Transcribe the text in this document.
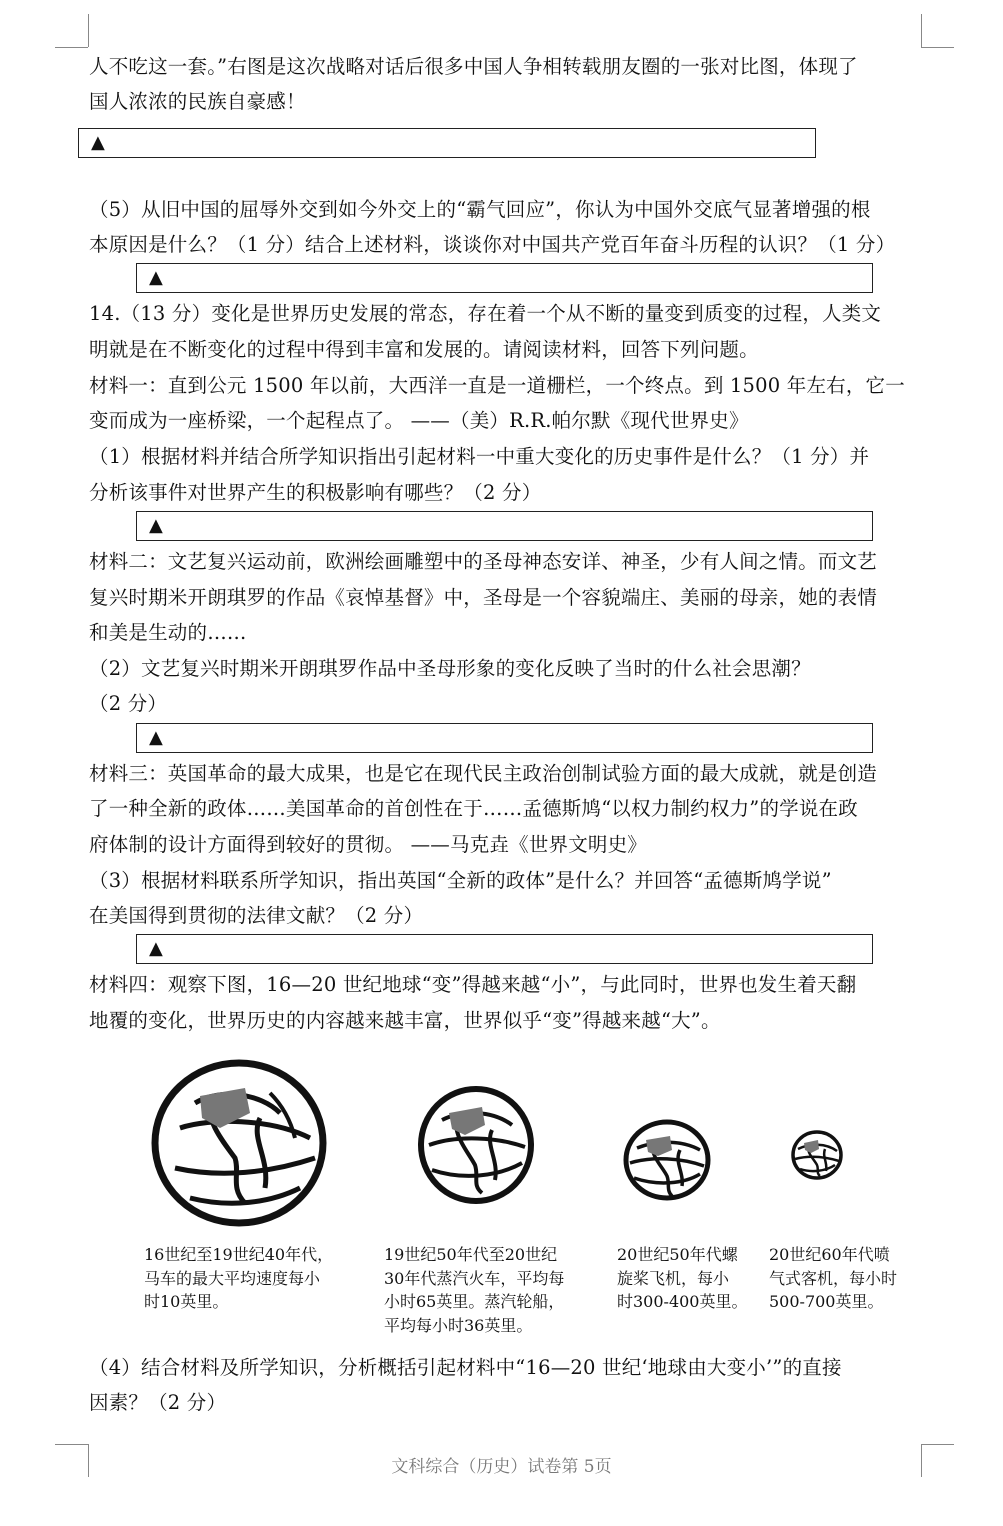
人不吃这一套。”右图是这次战略对话后很多中国人争相转载朋友圈的一张对比图，体现了
国人浓浓的民族自豪感！
▲
（5）从旧中国的屈辱外交到如今外交上的“霸气回应”，你认为中国外交底气显著增强的根
本原因是什么？（1 分）结合上述材料，谈谈你对中国共产党百年奋斗历程的认识？（1 分）
▲
14.（13 分）变化是世界历史发展的常态，存在着一个从不断的量变到质变的过程，人类文
明就是在不断变化的过程中得到丰富和发展的。请阅读材料，回答下列问题。
材料一：直到公元 1500 年以前，大西洋一直是一道栅栏，一个终点。到 1500 年左右，它一
变而成为一座桥梁，一个起程点了。 ——（美）R.R.帕尔默《现代世界史》
（1）根据材料并结合所学知识指出引起材料一中重大变化的历史事件是什么？（1 分）并
分析该事件对世界产生的积极影响有哪些？（2 分）
▲
材料二：文艺复兴运动前，欧洲绘画雕塑中的圣母神态安详、神圣，少有人间之情。而文艺
复兴时期米开朗琪罗的作品《哀悼基督》中，圣母是一个容貌端庄、美丽的母亲，她的表情
和美是生动的……
（2）文艺复兴时期米开朗琪罗作品中圣母形象的变化反映了当时的什么社会思潮？
（2 分）
▲
材料三：英国革命的最大成果，也是它在现代民主政治创制试验方面的最大成就，就是创造
了一种全新的政体……美国革命的首创性在于……孟德斯鸠“以权力制约权力”的学说在政
府体制的设计方面得到较好的贯彻。 ——马克垚《世界文明史》
（3）根据材料联系所学知识，指出英国“全新的政体”是什么？并回答“孟德斯鸠学说”
在美国得到贯彻的法律文献？（2 分）
▲
材料四：观察下图，16—20 世纪地球“变”得越来越“小”，与此同时，世界也发生着天翻
地覆的变化，世界历史的内容越来越丰富，世界似乎“变”得越来越“大”。
16世纪至19世纪40年代，
马车的最大平均速度每小
时10英里。
19世纪50年代至20世纪
30年代蒸汽火车，平均每
小时65英里。蒸汽轮船，
平均每小时36英里。
20世纪50年代螺
旋桨飞机，每小
时300-400英里。
20世纪60年代喷
气式客机，每小时
500-700英里。
（4）结合材料及所学知识，分析概括引起材料中“16—20 世纪‘地球由大变小’”的直接
因素？（2 分）
文科综合（历史）试卷第 5页
